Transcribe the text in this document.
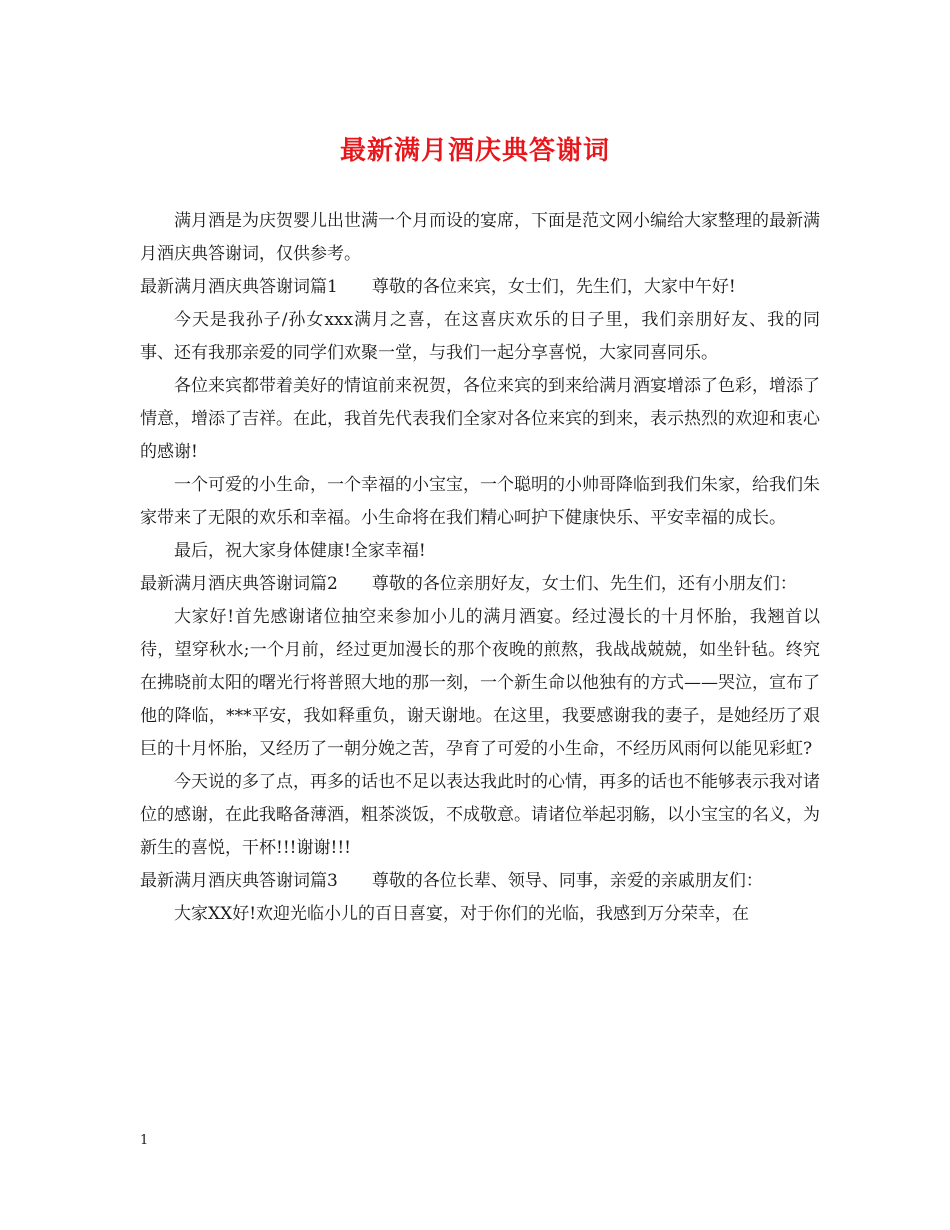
最新满月酒庆典答谢词

满月酒是为庆贺婴儿出世满一个月而设的宴席，下面是范文网小编给大家整理的最新满月酒庆典答谢词，仅供参考。

最新满月酒庆典答谢词篇1　　尊敬的各位来宾，女士们，先生们，大家中午好!

今天是我孙子/孙女xxx满月之喜，在这喜庆欢乐的日子里，我们亲朋好友、我的同事、还有我那亲爱的同学们欢聚一堂，与我们一起分享喜悦，大家同喜同乐。

各位来宾都带着美好的情谊前来祝贺，各位来宾的到来给满月酒宴增添了色彩，增添了情意，增添了吉祥。在此，我首先代表我们全家对各位来宾的到来，表示热烈的欢迎和衷心的感谢!

一个可爱的小生命，一个幸福的小宝宝，一个聪明的小帅哥降临到我们朱家，给我们朱家带来了无限的欢乐和幸福。小生命将在我们精心呵护下健康快乐、平安幸福的成长。

最后，祝大家身体健康!全家幸福!

最新满月酒庆典答谢词篇2　　尊敬的各位亲朋好友，女士们、先生们，还有小朋友们：

大家好!首先感谢诸位抽空来参加小儿的满月酒宴。经过漫长的十月怀胎，我翘首以待，望穿秋水;一个月前，经过更加漫长的那个夜晚的煎熬，我战战兢兢，如坐针毡。终究在拂晓前太阳的曙光行将普照大地的那一刻，一个新生命以他独有的方式——哭泣，宣布了他的降临，***平安，我如释重负，谢天谢地。在这里，我要感谢我的妻子，是她经历了艰巨的十月怀胎，又经历了一朝分娩之苦，孕育了可爱的小生命，不经历风雨何以能见彩虹?

今天说的多了点，再多的话也不足以表达我此时的心情，再多的话也不能够表示我对诸位的感谢，在此我略备薄酒，粗茶淡饭，不成敬意。请诸位举起羽觞，以小宝宝的名义，为新生的喜悦，干杯!!!谢谢!!!

最新满月酒庆典答谢词篇3　　尊敬的各位长辈、领导、同事，亲爱的亲戚朋友们：

大家XX好!欢迎光临小儿的百日喜宴，对于你们的光临，我感到万分荣幸，在

1
